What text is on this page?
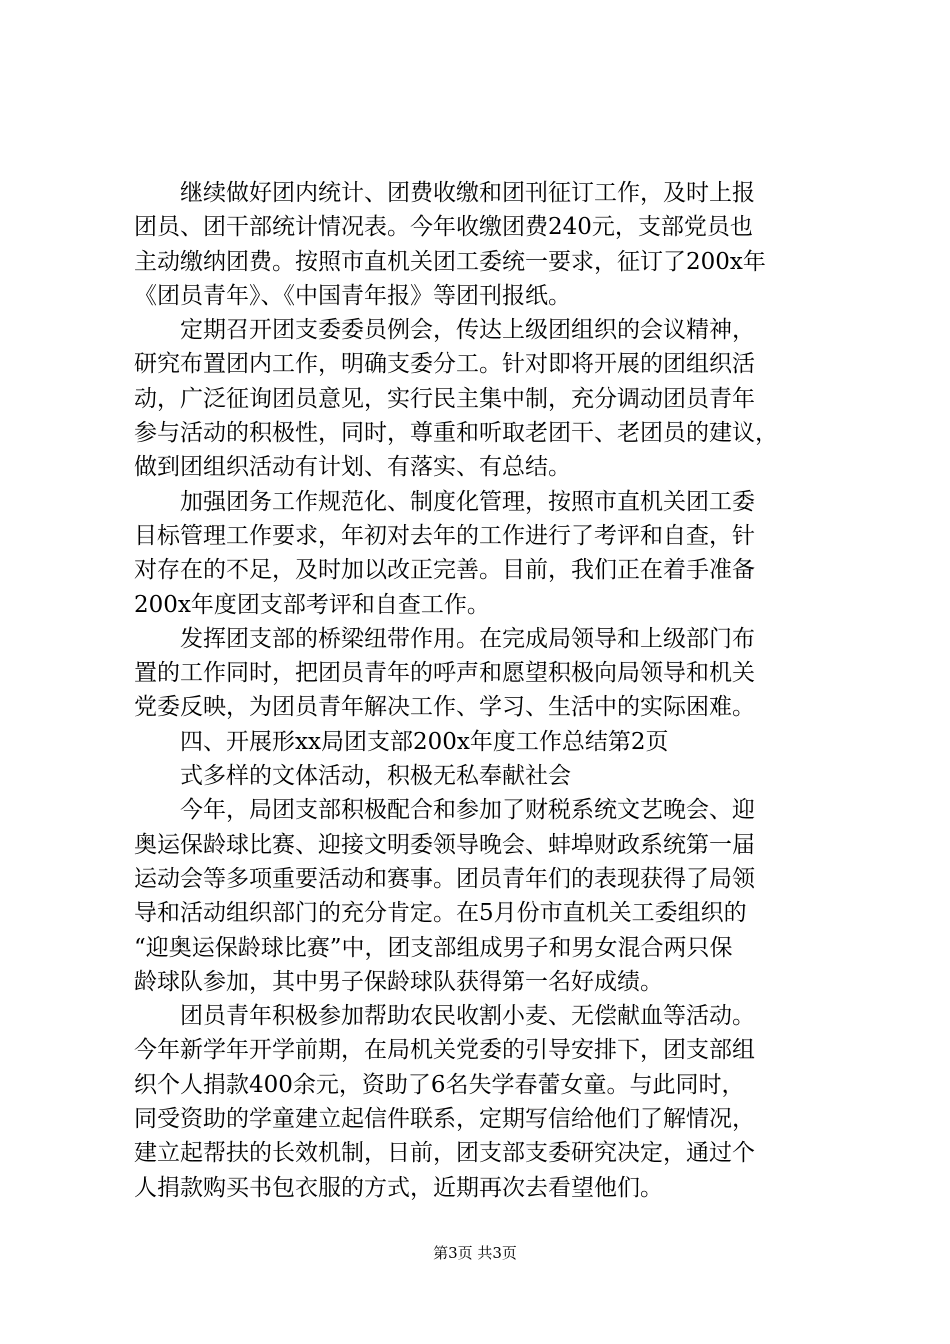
继续做好团内统计、团费收缴和团刊征订工作，及时上报
团员、团干部统计情况表。今年收缴团费240元，支部党员也
主动缴纳团费。按照市直机关团工委统一要求，征订了200x年
《团员青年》、《中国青年报》等团刊报纸。
定期召开团支委委员例会，传达上级团组织的会议精神，
研究布置团内工作，明确支委分工。针对即将开展的团组织活
动，广泛征询团员意见，实行民主集中制，充分调动团员青年
参与活动的积极性，同时，尊重和听取老团干、老团员的建议，
做到团组织活动有计划、有落实、有总结。
加强团务工作规范化、制度化管理，按照市直机关团工委
目标管理工作要求，年初对去年的工作进行了考评和自查，针
对存在的不足，及时加以改正完善。目前，我们正在着手准备
200x年度团支部考评和自查工作。
发挥团支部的桥梁纽带作用。在完成局领导和上级部门布
置的工作同时，把团员青年的呼声和愿望积极向局领导和机关
党委反映，为团员青年解决工作、学习、生活中的实际困难。
四、开展形xx局团支部200x年度工作总结第2页
式多样的文体活动，积极无私奉献社会
今年，局团支部积极配合和参加了财税系统文艺晚会、迎
奥运保龄球比赛、迎接文明委领导晚会、蚌埠财政系统第一届
运动会等多项重要活动和赛事。团员青年们的表现获得了局领
导和活动组织部门的充分肯定。在5月份市直机关工委组织的
“迎奥运保龄球比赛”中，团支部组成男子和男女混合两只保
龄球队参加，其中男子保龄球队获得第一名好成绩。
团员青年积极参加帮助农民收割小麦、无偿献血等活动。
今年新学年开学前期，在局机关党委的引导安排下，团支部组
织个人捐款400余元，资助了6名失学春蕾女童。与此同时，
同受资助的学童建立起信件联系，定期写信给他们了解情况，
建立起帮扶的长效机制，日前，团支部支委研究决定，通过个
人捐款购买书包衣服的方式，近期再次去看望他们。
第3页 共3页
